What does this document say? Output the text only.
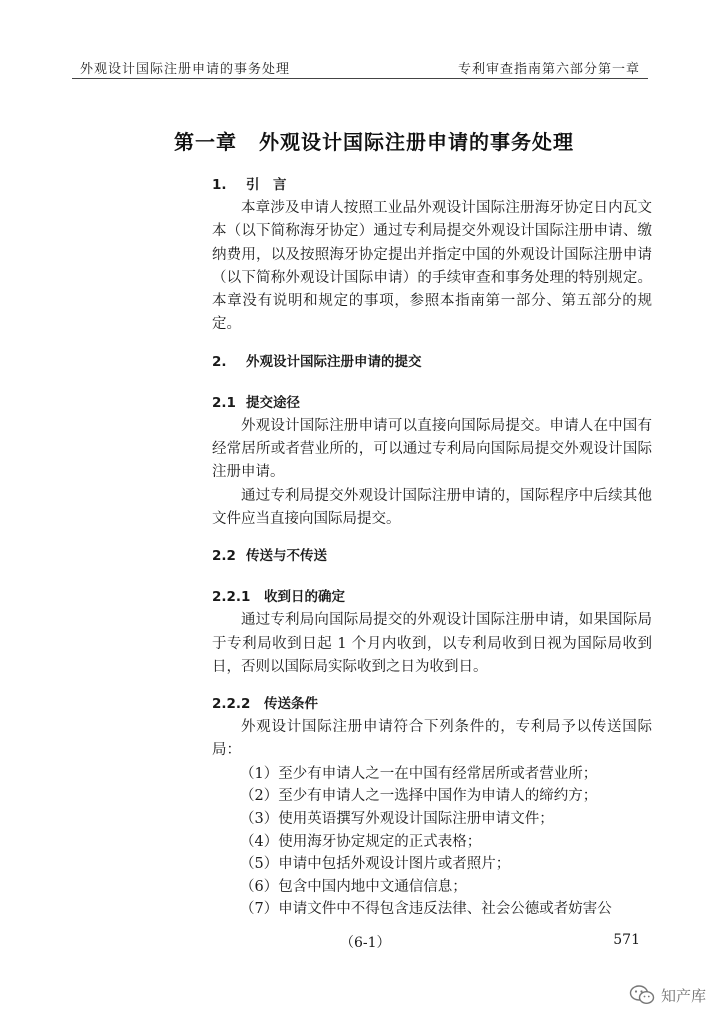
外观设计国际注册申请的事务处理	专利审查指南第六部分第一章
第一章 外观设计国际注册申请的事务处理

1. 引　言

本章涉及申请人按照工业品外观设计国际注册海牙协定日内瓦文本（以下简称海牙协定）通过专利局提交外观设计国际注册申请、缴纳费用，以及按照海牙协定提出并指定中国的外观设计国际注册申请（以下简称外观设计国际申请）的手续审查和事务处理的特别规定。本章没有说明和规定的事项，参照本指南第一部分、第五部分的规定。

2. 外观设计国际注册申请的提交

2.1 提交途径

外观设计国际注册申请可以直接向国际局提交。申请人在中国有经常居所或者营业所的，可以通过专利局向国际局提交外观设计国际注册申请。

通过专利局提交外观设计国际注册申请的，国际程序中后续其他文件应当直接向国际局提交。

2.2 传送与不传送

2.2.1 收到日的确定

通过专利局向国际局提交的外观设计国际注册申请，如果国际局于专利局收到日起 1 个月内收到，以专利局收到日视为国际局收到日，否则以国际局实际收到之日为收到日。

2.2.2 传送条件

外观设计国际注册申请符合下列条件的，专利局予以传送国际局：

（1）至少有申请人之一在中国有经常居所或者营业所；

（2）至少有申请人之一选择中国作为申请人的缔约方；

（3）使用英语撰写外观设计国际注册申请文件；

（4）使用海牙协定规定的正式表格；

（5）申请中包括外观设计图片或者照片；

（6）包含中国内地中文通信信息；

（7）申请文件中不得包含违反法律、社会公德或者妨害公

（6-1）	571
知产库
